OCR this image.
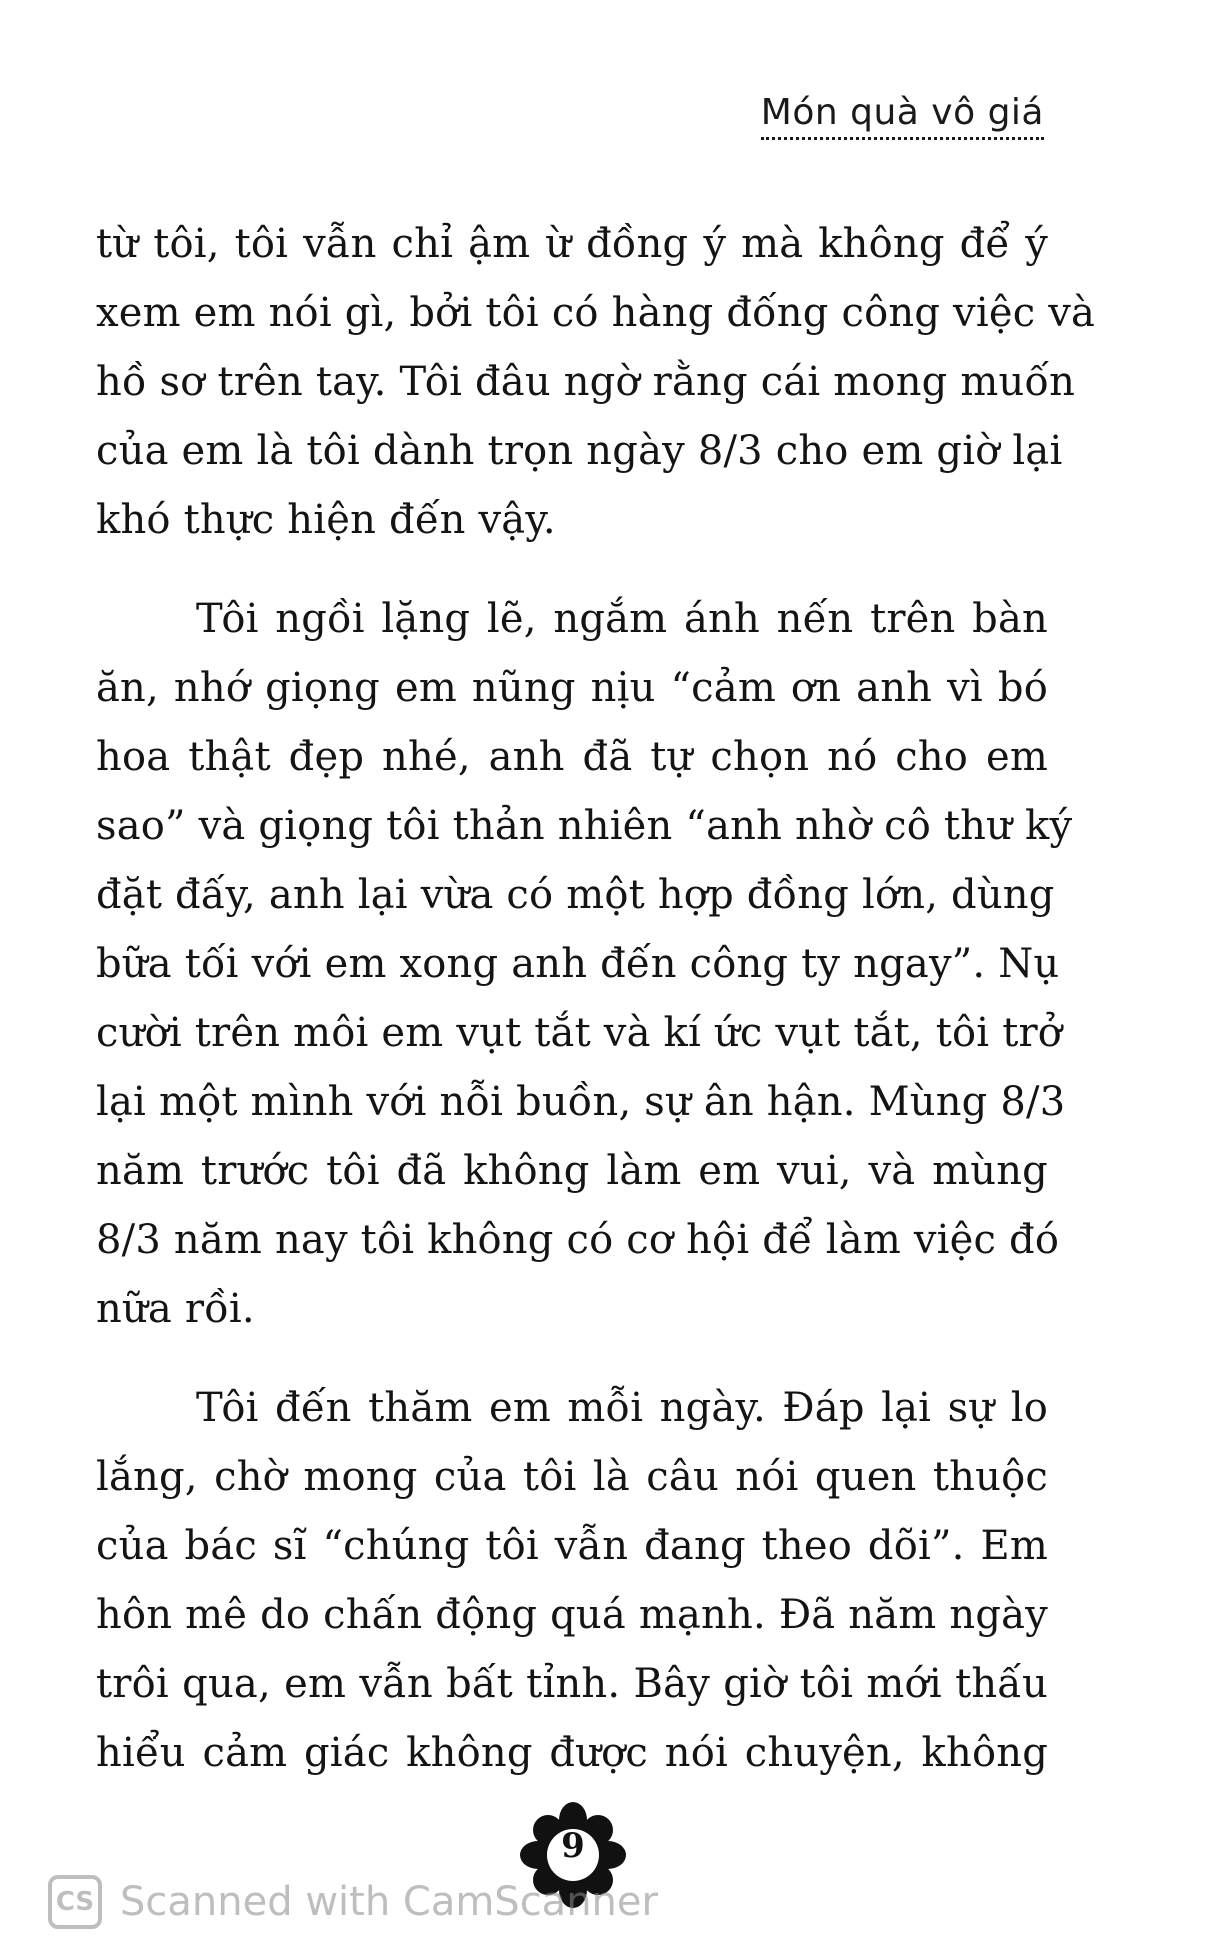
Món quà vô giá
từ tôi, tôi vẫn chỉ ậm ừ đồng ý mà không để ý
xem em nói gì, bởi tôi có hàng đống công việc và
hồ sơ trên tay. Tôi đâu ngờ rằng cái mong muốn
của em là tôi dành trọn ngày 8/3 cho em giờ lại
khó thực hiện đến vậy.
Tôi ngồi lặng lẽ, ngắm ánh nến trên bàn
ăn, nhớ giọng em nũng nịu “cảm ơn anh vì bó
hoa thật đẹp nhé, anh đã tự chọn nó cho em
sao” và giọng tôi thản nhiên “anh nhờ cô thư ký
đặt đấy, anh lại vừa có một hợp đồng lớn, dùng
bữa tối với em xong anh đến công ty ngay”. Nụ
cười trên môi em vụt tắt và kí ức vụt tắt, tôi trở
lại một mình với nỗi buồn, sự ân hận. Mùng 8/3
năm trước tôi đã không làm em vui, và mùng
8/3 năm nay tôi không có cơ hội để làm việc đó
nữa rồi.
Tôi đến thăm em mỗi ngày. Đáp lại sự lo
lắng, chờ mong của tôi là câu nói quen thuộc
của bác sĩ “chúng tôi vẫn đang theo dõi”. Em
hôn mê do chấn động quá mạnh. Đã năm ngày
trôi qua, em vẫn bất tỉnh. Bây giờ tôi mới thấu
hiểu cảm giác không được nói chuyện, không
9
CS Scanned with CamScanner
